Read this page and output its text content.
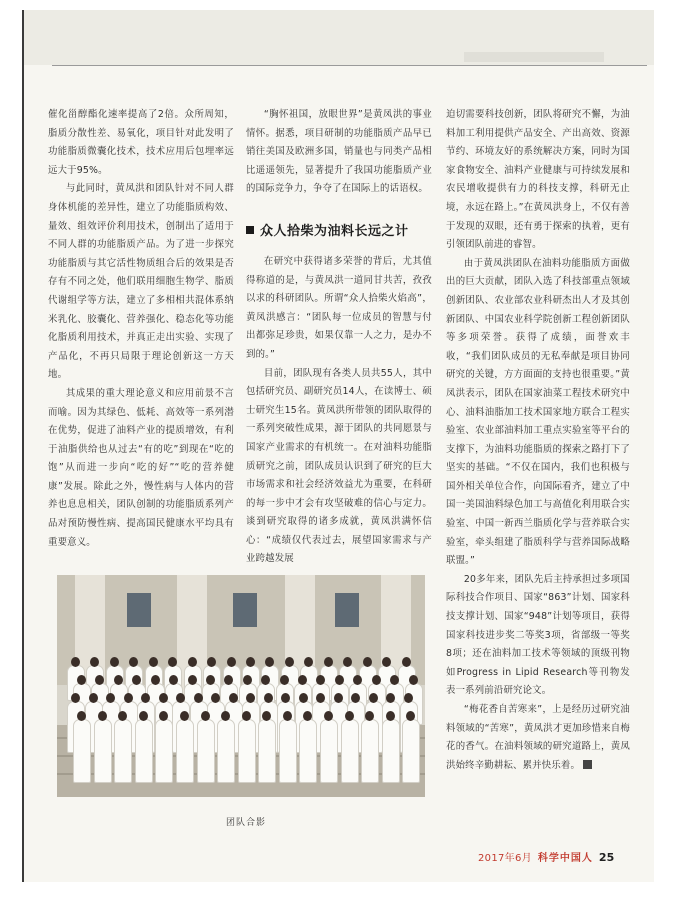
催化甾醇酯化速率提高了2倍。众所周知，脂质分散性差、易氧化，项目针对此发明了功能脂质微囊化技术，技术应用后包埋率远远大于95%。

与此同时，黄凤洪和团队针对不同人群身体机能的差异性，建立了功能脂质构效、量效、组效评价利用技术，创制出了适用于不同人群的功能脂质产品。为了进一步探究功能脂质与其它活性物质组合后的效果是否存有不同之处，他们联用细胞生物学、脂质代谢组学等方法，建立了多相相共混体系纳米乳化、胶囊化、营养强化、稳态化等功能化脂质利用技术，并真正走出实验、实现了产品化，不再只局限于理论创新这一方天地。

其成果的重大理论意义和应用前景不言而喻。因为其绿色、低耗、高效等一系列潜在优势，促进了油料产业的提质增效，有利于油脂供给也从过去“有的吃”到现在“吃的饱”从而进一步向“吃的好”“吃的营养健康”发展。除此之外，慢性病与人体内的营养也息息相关，团队创制的功能脂质系列产品对预防慢性病、提高国民健康水平均具有重要意义。

“胸怀祖国，放眼世界”是黄凤洪的事业情怀。据悉，项目研制的功能脂质产品早已销往美国及欧洲多国，销量也与同类产品相比遥遥领先，显著提升了我国功能脂质产业的国际竞争力，争夺了在国际上的话语权。

众人拾柴为油料长远之计

在研究中获得诸多荣誉的背后，尤其值得称道的是，与黄凤洪一道同甘共苦，孜孜以求的科研团队。所谓“众人拾柴火焰高”，黄凤洪感言：“团队每一位成员的智慧与付出都弥足珍贵，如果仅靠一人之力，是办不到的。”

目前，团队现有各类人员共55人，其中包括研究员、副研究员14人，在读博士、硕士研究生15名。黄凤洪所带领的团队取得的一系列突破性成果，源于团队的共同愿景与国家产业需求的有机统一。在对油料功能脂质研究之前，团队成员认识到了研究的巨大市场需求和社会经济效益尤为重要，在科研的每一步中才会有攻坚破难的信心与定力。谈到研究取得的诸多成就，黄凤洪满怀信心：“成绩仅代表过去，展望国家需求与产业跨越发展

迫切需要科技创新，团队将研究不懈，为油料加工利用提供产品安全、产出高效、资源节约、环境友好的系统解决方案，同时为国家食物安全、油料产业健康与可持续发展和农民增收提供有力的科技支撑，科研无止境，永远在路上。”在黄凤洪身上，不仅有善于发现的双眼，还有勇于探索的执着，更有引领团队前进的睿智。

由于黄凤洪团队在油料功能脂质方面做出的巨大贡献，团队入选了科技部重点领域创新团队、农业部农业科研杰出人才及其创新团队、中国农业科学院创新工程创新团队等多项荣誉。获得了成绩，面誉欢丰收，“我们团队成员的无私奉献是项目协同研究的关键，方方面面的支持也很重要。”黄凤洪表示，团队在国家油菜工程技术研究中心、油料油脂加工技术国家地方联合工程实验室、农业部油料加工重点实验室等平台的支撑下，为油料功能脂质的探索之路打下了坚实的基础。“不仅在国内，我们也积极与国外相关单位合作，向国际看齐，建立了中国一美国油料绿色加工与高值化利用联合实验室、中国一新西兰脂质化学与营养联合实验室，牵头组建了脂质科学与营养国际战略联盟。”

20多年来，团队先后主持承担过多项国际科技合作项目、国家“863”计划、国家科技支撑计划、国家“948”计划等项目，获得国家科技进步奖二等奖3项，省部级一等奖8项；还在油料加工技术等领域的顶级刊物如Progress in Lipid Research等刊物发表一系列前沿研究论文。

“梅花香自苦寒来”，上是经历过研究油料领域的“苦寒”，黄凤洪才更加珍惜来自梅花的香气。在油料领域的研究道路上，黄凤洪始终辛勤耕耘、累并快乐着。

团队合影
2017年6月 科学中国人 25
